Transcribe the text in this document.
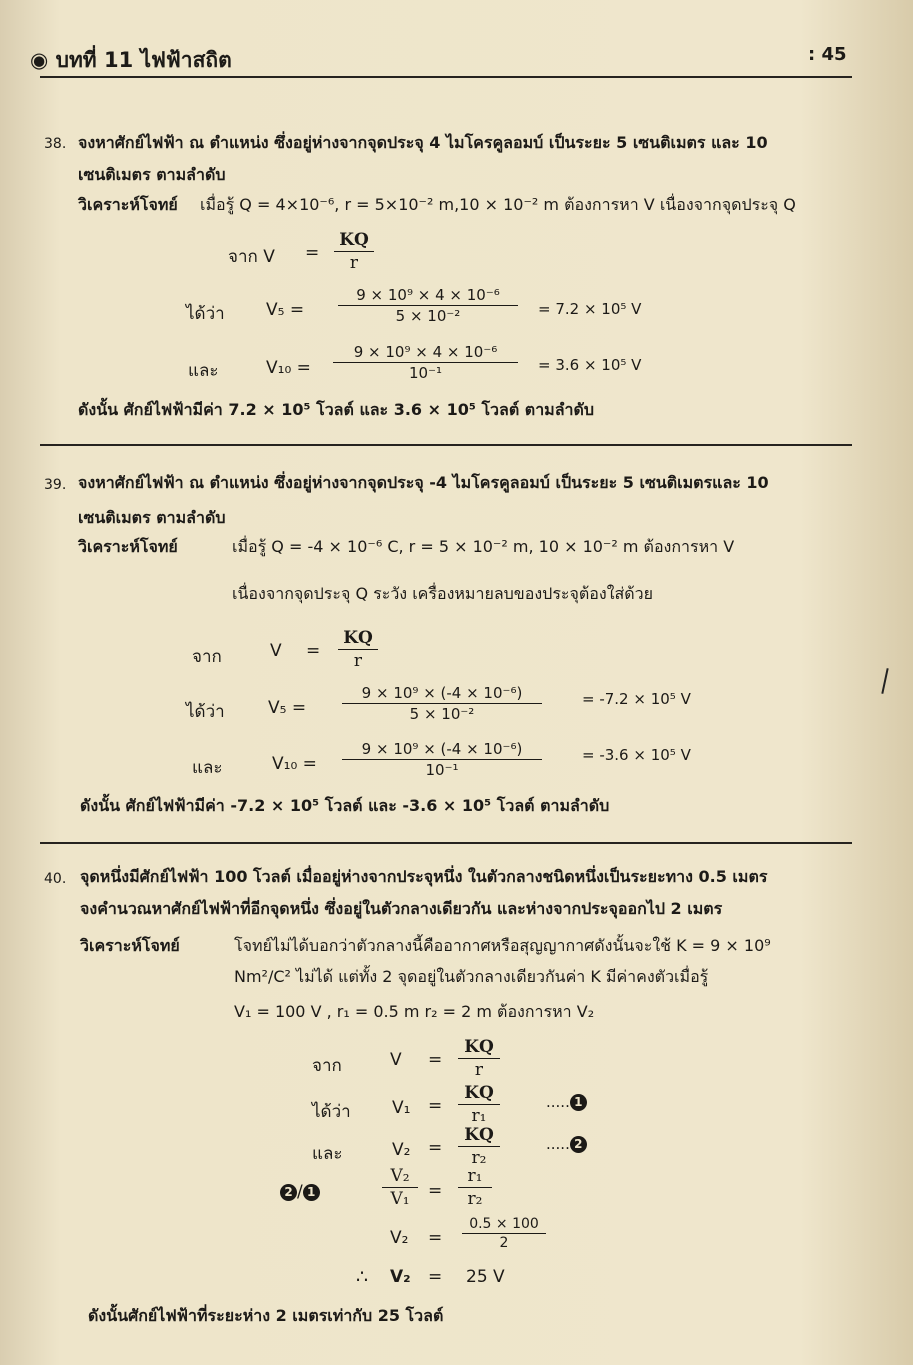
◉ บทที่ 11 ไฟฟ้าสถิต	: 45
38. จงหาศักย์ไฟฟ้า ณ ตำแหน่ง ซึ่งอยู่ห่างจากจุดประจุ 4 ไมโครคูลอมบ์ เป็นระยะ 5 เซนติเมตร และ 10
เซนติเมตร ตามลำดับ
วิเคราะห์โจทย์ เมื่อรู้ Q = 4×10⁻⁶, r = 5×10⁻² m,10 × 10⁻² m ต้องการหา V เนื่องจากจุดประจุ Q
จาก $V = \frac{KQ}{r}$
ได้ว่า $V_5 = \frac{\text{9 × 10⁹ × 4 × 10⁻⁶}}{\text{5 × 10⁻²}} = 7.2 \times 10^5$ V
และ	$V_{10} = \frac{\text{9 × 10⁹ × 4 × 10⁻⁶}}{\text{10⁻¹}} = 3.6 \times 10^5$ V
ดังนั้น ศักย์ไฟฟ้ามีค่า 7.2 × 10⁵ โวลต์ และ 3.6 × 10⁵ โวลต์ ตามลำดับ
39. จงหาศักย์ไฟฟ้า ณ ตำแหน่ง ซึ่งอยู่ห่างจากจุดประจุ -4 ไมโครคูลอมบ์ เป็นระยะ 5 เซนติเมตรและ 10
เซนติเมตร ตามลำดับ
วิเคราะห์โจทย์	เมื่อรู้ Q = -4 × 10⁻⁶ C, r = 5 × 10⁻² m, 10 × 10⁻² m ต้องการหา V
เนื่องจากจุดประจุ Q ระวัง เครื่องหมายลบของประจุต้องใส่ด้วย
จาก	$V = \frac{KQ}{r}$
ได้ว่า	$V_5 = \frac{\text{9 × 10⁹ × (-4 × 10⁻⁶)}}{\text{5 × 10⁻²}}$	= -7.2 × 10⁵ V
และ	$V_{10} = \frac{\text{9 × 10⁹ × (-4 × 10⁻⁶)}}{\text{10⁻¹}}$	= -3.6 × 10⁵ V
ดังนั้น ศักย์ไฟฟ้ามีค่า -7.2 × 10⁵ โวลต์ และ -3.6 × 10⁵ โวลต์ ตามลำดับ
40. จุดหนึ่งมีศักย์ไฟฟ้า 100 โวลต์ เมื่ออยู่ห่างจากประจุหนึ่ง ในตัวกลางชนิดหนึ่งเป็นระยะทาง 0.5 เมตร
จงคำนวณหาศักย์ไฟฟ้าที่อีกจุดหนึ่ง ซึ่งอยู่ในตัวกลางเดียวกัน และห่างจากประจุออกไป 2 เมตร
วิเคราะห์โจทย์	โจทย์ไม่ได้บอกว่าตัวกลางนี้คืออากาศหรือสุญญากาศดังนั้นจะใช้ K = 9 × 10⁹
Nm²/C² ไม่ได้ แต่ทั้ง 2 จุดอยู่ในตัวกลางเดียวกันค่า K มีค่าคงตัวเมื่อรู้
V₁ = 100 V , r₁ = 0.5 m r₂ = 2 m ต้องการหา V₂
จาก	$V = \frac{KQ}{r}$
ได้ว่า $V_1 = \frac{KQ}{\text{r₁}}$	..... 1
และ	$V_2 = \frac{KQ}{\text{r₂}}$	..... 2
2 / 1	$\frac{\text{V₂}}{\text{V₁}} = \frac{\text{r₁}}{\text{r₂}}$
$V_2 = \frac{0.5 \times 100}{2}$
∴ V₂ = 25 V
ดังนั้นศักย์ไฟฟ้าที่ระยะห่าง 2 เมตรเท่ากับ 25 โวลต์
